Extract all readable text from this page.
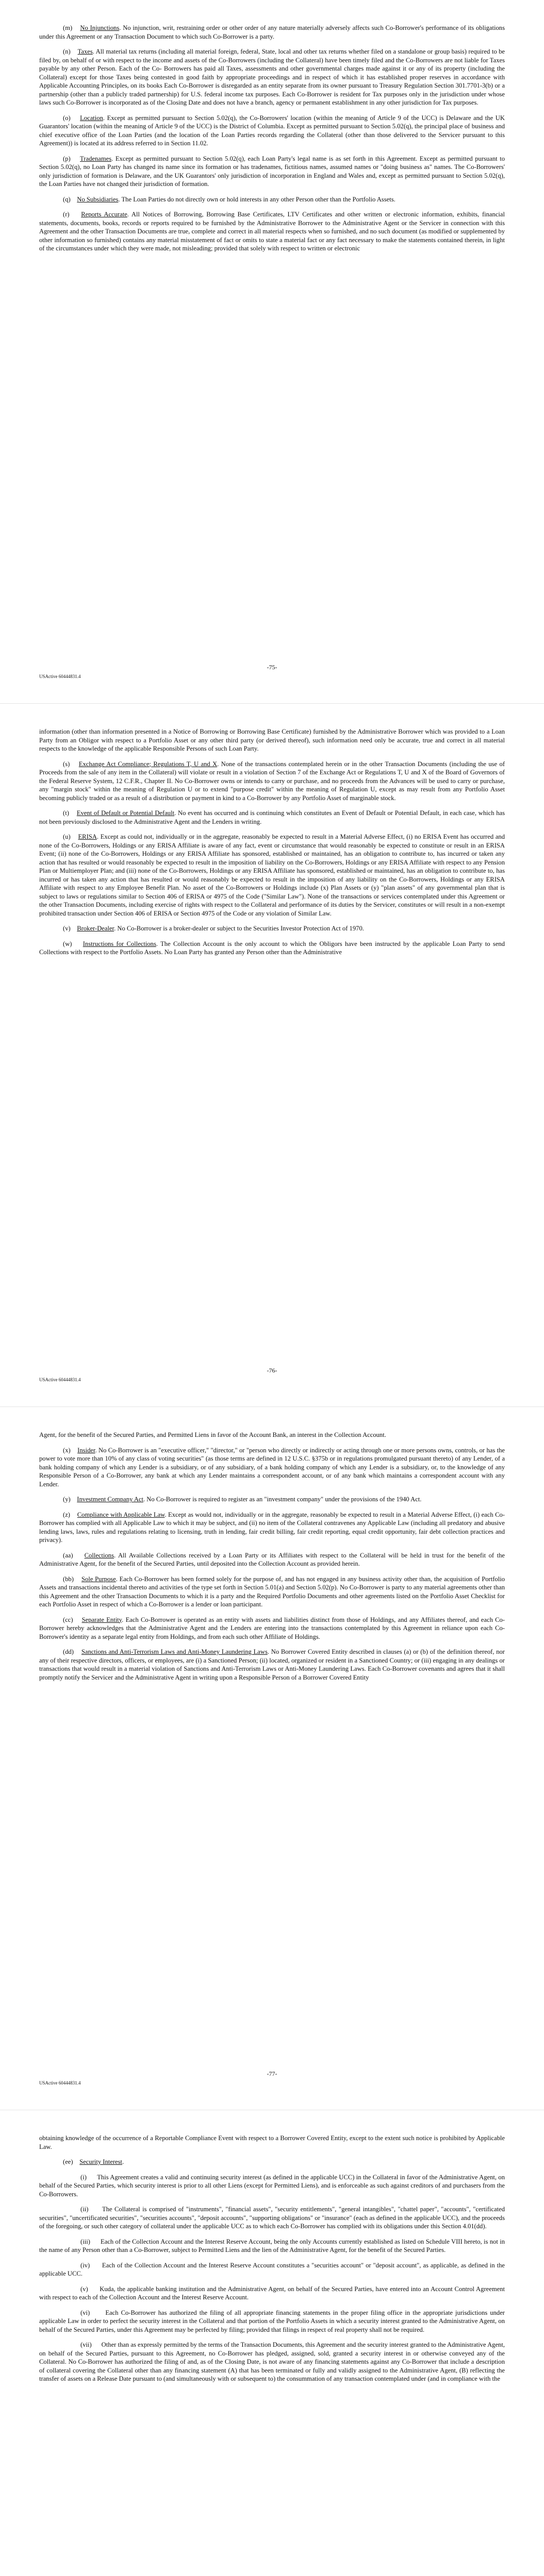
(m) No Injunctions. No injunction, writ, restraining order or other order of any nature materially adversely affects such Co-Borrower's performance of its obligations under this Agreement or any Transaction Document to which such Co-Borrower is a party.

(n) Taxes. All material tax returns (including all material foreign, federal, State, local and other tax returns whether filed on a standalone or group basis) required to be filed by, on behalf of or with respect to the income and assets of the Co-Borrowers (including the Collateral) have been timely filed and the Co-Borrowers are not liable for Taxes payable by any other Person. Each of the Co- Borrowers has paid all Taxes, assessments and other governmental charges made against it or any of its property (including the Collateral) except for those Taxes being contested in good faith by appropriate proceedings and in respect of which it has established proper reserves in accordance with Applicable Accounting Principles, on its books Each Co-Borrower is disregarded as an entity separate from its owner pursuant to Treasury Regulation Section 301.7701-3(b) or a partnership (other than a publicly traded partnership) for U.S. federal income tax purposes. Each Co-Borrower is resident for Tax purposes only in the jurisdiction under whose laws such Co-Borrower is incorporated as of the Closing Date and does not have a branch, agency or permanent establishment in any other jurisdiction for Tax purposes.

(o) Location. Except as permitted pursuant to Section 5.02(q), the Co-Borrowers' location (within the meaning of Article 9 of the UCC) is Delaware and the UK Guarantors' location (within the meaning of Article 9 of the UCC) is the District of Columbia. Except as permitted pursuant to Section 5.02(q), the principal place of business and chief executive office of the Loan Parties (and the location of the Loan Parties records regarding the Collateral (other than those delivered to the Servicer pursuant to this Agreement)) is located at its address referred to in Section 11.02.

(p) Tradenames. Except as permitted pursuant to Section 5.02(q), each Loan Party's legal name is as set forth in this Agreement. Except as permitted pursuant to Section 5.02(q), no Loan Party has changed its name since its formation or has tradenames, fictitious names, assumed names or "doing business as" names. The Co-Borrowers' only jurisdiction of formation is Delaware, and the UK Guarantors' only jurisdiction of incorporation in England and Wales and, except as permitted pursuant to Section 5.02(q), the Loan Parties have not changed their jurisdiction of formation.

(q) No Subsidiaries. The Loan Parties do not directly own or hold interests in any other Person other than the Portfolio Assets.

(r) Reports Accurate. All Notices of Borrowing, Borrowing Base Certificates, LTV Certificates and other written or electronic information, exhibits, financial statements, documents, books, records or reports required to be furnished by the Administrative Borrower to the Administrative Agent or the Servicer in connection with this Agreement and the other Transaction Documents are true, complete and correct in all material respects when so furnished, and no such document (as modified or supplemented by other information so furnished) contains any material misstatement of fact or omits to state a material fact or any fact necessary to make the statements contained therein, in light of the circumstances under which they were made, not misleading; provided that solely with respect to written or electronic

-75-
USActive 60444831.4

information (other than information presented in a Notice of Borrowing or Borrowing Base Certificate) furnished by the Administrative Borrower which was provided to a Loan Party from an Obligor with respect to a Portfolio Asset or any other third party (or derived thereof), such information need only be accurate, true and correct in all material respects to the knowledge of the applicable Responsible Persons of such Loan Party.

(s) Exchange Act Compliance; Regulations T, U and X. None of the transactions contemplated herein or in the other Transaction Documents (including the use of Proceeds from the sale of any item in the Collateral) will violate or result in a violation of Section 7 of the Exchange Act or Regulations T, U and X of the Board of Governors of the Federal Reserve System, 12 C.F.R., Chapter II. No Co-Borrower owns or intends to carry or purchase, and no proceeds from the Advances will be used to carry or purchase, any "margin stock" within the meaning of Regulation U or to extend "purpose credit" within the meaning of Regulation U, except as may result from any Portfolio Asset becoming publicly traded or as a result of a distribution or payment in kind to a Co-Borrower by any Portfolio Asset of marginable stock.

(t) Event of Default or Potential Default. No event has occurred and is continuing which constitutes an Event of Default or Potential Default, in each case, which has not been previously disclosed to the Administrative Agent and the Lenders in writing.

(u) ERISA. Except as could not, individually or in the aggregate, reasonably be expected to result in a Material Adverse Effect, (i) no ERISA Event has occurred and none of the Co-Borrowers, Holdings or any ERISA Affiliate is aware of any fact, event or circumstance that would reasonably be expected to constitute or result in an ERISA Event; (ii) none of the Co-Borrowers, Holdings or any ERISA Affiliate has sponsored, established or maintained, has an obligation to contribute to, has incurred or taken any action that has resulted or would reasonably be expected to result in the imposition of liability on the Co-Borrowers, Holdings or any ERISA Affiliate with respect to any Pension Plan or Multiemployer Plan; and (iii) none of the Co-Borrowers, Holdings or any ERISA Affiliate has sponsored, established or maintained, has an obligation to contribute to, has incurred or has taken any action that has resulted or would reasonably be expected to result in the imposition of any liability on the Co-Borrowers, Holdings or any ERISA Affiliate with respect to any Employee Benefit Plan. No asset of the Co-Borrowers or Holdings include (x) Plan Assets or (y) "plan assets" of any governmental plan that is subject to laws or regulations similar to Section 406 of ERISA or 4975 of the Code ("Similar Law"). None of the transactions or services contemplated under this Agreement or the other Transaction Documents, including exercise of rights with respect to the Collateral and performance of its duties by the Servicer, constitutes or will result in a non-exempt prohibited transaction under Section 406 of ERISA or Section 4975 of the Code or any violation of Similar Law.

(v) Broker-Dealer. No Co-Borrower is a broker-dealer or subject to the Securities Investor Protection Act of 1970.

(w) Instructions for Collections. The Collection Account is the only account to which the Obligors have been instructed by the applicable Loan Party to send Collections with respect to the Portfolio Assets. No Loan Party has granted any Person other than the Administrative

-76-
USActive 60444831.4

Agent, for the benefit of the Secured Parties, and Permitted Liens in favor of the Account Bank, an interest in the Collection Account.

(x) Insider. No Co-Borrower is an "executive officer," "director," or "person who directly or indirectly or acting through one or more persons owns, controls, or has the power to vote more than 10% of any class of voting securities" (as those terms are defined in 12 U.S.C. §375b or in regulations promulgated pursuant thereto) of any Lender, of a bank holding company of which any Lender is a subsidiary, or of any subsidiary, of a bank holding company of which any Lender is a subsidiary, or, to the knowledge of any Responsible Person of a Co-Borrower, any bank at which any Lender maintains a correspondent account, or of any bank which maintains a correspondent account with any Lender.

(y) Investment Company Act. No Co-Borrower is required to register as an "investment company" under the provisions of the 1940 Act.

(z) Compliance with Applicable Law. Except as would not, individually or in the aggregate, reasonably be expected to result in a Material Adverse Effect, (i) each Co-Borrower has complied with all Applicable Law to which it may be subject, and (ii) no item of the Collateral contravenes any Applicable Law (including all predatory and abusive lending laws, laws, rules and regulations relating to licensing, truth in lending, fair credit billing, fair credit reporting, equal credit opportunity, fair debt collection practices and privacy).

(aa) Collections. All Available Collections received by a Loan Party or its Affiliates with respect to the Collateral will be held in trust for the benefit of the Administrative Agent, for the benefit of the Secured Parties, until deposited into the Collection Account as provided herein.

(bb) Sole Purpose. Each Co-Borrower has been formed solely for the purpose of, and has not engaged in any business activity other than, the acquisition of Portfolio Assets and transactions incidental thereto and activities of the type set forth in Section 5.01(a) and Section 5.02(p). No Co-Borrower is party to any material agreements other than this Agreement and the other Transaction Documents to which it is a party and the Required Portfolio Documents and other agreements listed on the Portfolio Asset Checklist for each Portfolio Asset in respect of which a Co-Borrower is a lender or loan participant.

(cc) Separate Entity. Each Co-Borrower is operated as an entity with assets and liabilities distinct from those of Holdings, and any Affiliates thereof, and each Co-Borrower hereby acknowledges that the Administrative Agent and the Lenders are entering into the transactions contemplated by this Agreement in reliance upon each Co-Borrower's identity as a separate legal entity from Holdings, and from each such other Affiliate of Holdings.

(dd) Sanctions and Anti-Terrorism Laws and Anti-Money Laundering Laws. No Borrower Covered Entity described in clauses (a) or (b) of the definition thereof, nor any of their respective directors, officers, or employees, are (i) a Sanctioned Person; (ii) located, organized or resident in a Sanctioned Country; or (iii) engaging in any dealings or transactions that would result in a material violation of Sanctions and Anti-Terrorism Laws or Anti-Money Laundering Laws. Each Co-Borrower covenants and agrees that it shall promptly notify the Servicer and the Administrative Agent in writing upon a Responsible Person of a Borrower Covered Entity

-77-
USActive 60444831.4

obtaining knowledge of the occurrence of a Reportable Compliance Event with respect to a Borrower Covered Entity, except to the extent such notice is prohibited by Applicable Law.

(ee) Security Interest.

(i) This Agreement creates a valid and continuing security interest (as defined in the applicable UCC) in the Collateral in favor of the Administrative Agent, on behalf of the Secured Parties, which security interest is prior to all other Liens (except for Permitted Liens), and is enforceable as such against creditors of and purchasers from the Co-Borrowers.

(ii) The Collateral is comprised of "instruments", "financial assets", "security entitlements", "general intangibles", "chattel paper", "accounts", "certificated securities", "uncertificated securities", "securities accounts", "deposit accounts", "supporting obligations" or "insurance" (each as defined in the applicable UCC), and the proceeds of the foregoing, or such other category of collateral under the applicable UCC as to which each Co-Borrower has complied with its obligations under this Section 4.01(dd).

(iii) Each of the Collection Account and the Interest Reserve Account, being the only Accounts currently established as listed on Schedule VIII hereto, is not in the name of any Person other than a Co-Borrower, subject to Permitted Liens and the lien of the Administrative Agent, for the benefit of the Secured Parties.

(iv) Each of the Collection Account and the Interest Reserve Account constitutes a "securities account" or "deposit account", as applicable, as defined in the applicable UCC.

(v) Kuda, the applicable banking institution and the Administrative Agent, on behalf of the Secured Parties, have entered into an Account Control Agreement with respect to each of the Collection Account and the Interest Reserve Account.

(vi) Each Co-Borrower has authorized the filing of all appropriate financing statements in the proper filing office in the appropriate jurisdictions under applicable Law in order to perfect the security interest in the Collateral and that portion of the Portfolio Assets in which a security interest granted to the Administrative Agent, on behalf of the Secured Parties, under this Agreement may be perfected by filing; provided that filings in respect of real property shall not be required.

(vii) Other than as expressly permitted by the terms of the Transaction Documents, this Agreement and the security interest granted to the Administrative Agent, on behalf of the Secured Parties, pursuant to this Agreement, no Co-Borrower has pledged, assigned, sold, granted a security interest in or otherwise conveyed any of the Collateral. No Co-Borrower has authorized the filing of and, as of the Closing Date, is not aware of any financing statements against any Co-Borrower that include a description of collateral covering the Collateral other than any financing statement (A) that has been terminated or fully and validly assigned to the Administrative Agent, (B) reflecting the transfer of assets on a Release Date pursuant to (and simultaneously with or subsequent to) the consummation of any transaction contemplated under (and in compliance with the
